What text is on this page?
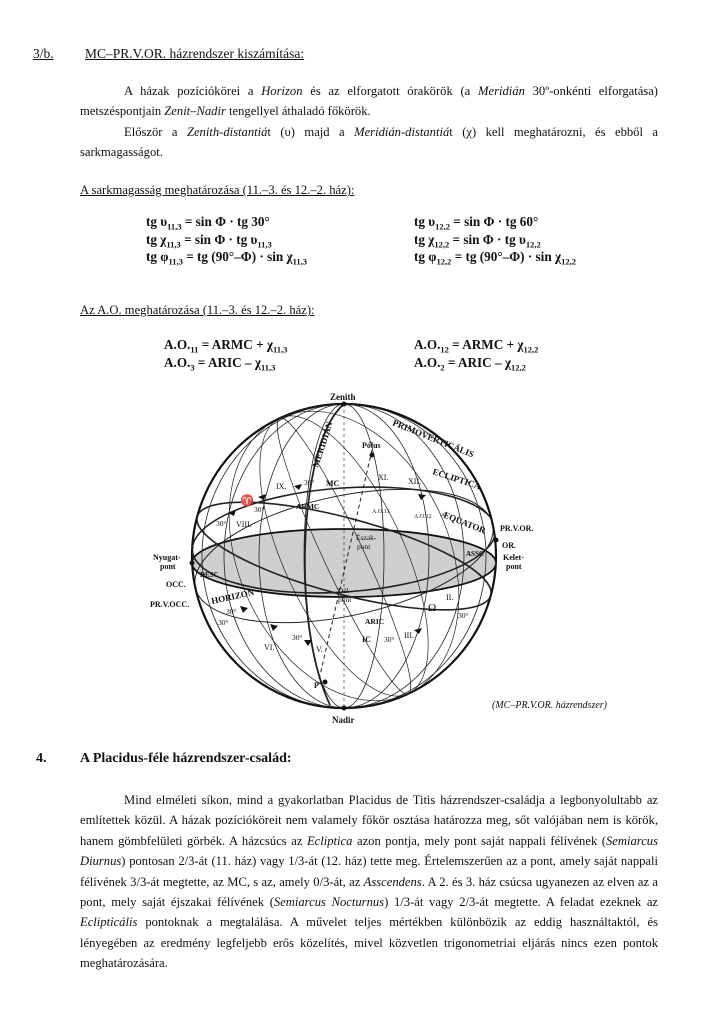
3/b. MC–PR.V.OR. házrendszer kiszámítása:
A házak pozíciókörei a Horizon és az elforgatott órakörök (a Meridián 30º-onkénti elforgatása) metszéspontjain Zenit–Nadir tengellyel áthaladó főkörök.
Először a Zenith-distantiát (υ) majd a Meridián-distantiát (χ) kell meghatározni, és ebből a sarkmagasságot.
A sarkmagasság meghatározása (11.–3. és 12.–2. ház):
tg $\upsilon_{11,3} = \sin \Phi$ · tg 30°
tg $\chi_{11,3} = \sin \Phi$ · tg $\upsilon_{11,3}$
tg $\varphi_{11,3}$ = tg $(90^\circ-\Phi) \cdot \sin \chi_{11,3}$
tg $\upsilon_{12,2} = \sin \Phi$ · tg 60°
tg $\chi_{12,2} = \sin \Phi$ · tg $\upsilon_{12,2}$
tg $\varphi_{12,2}$ = tg $(90^\circ-\Phi) \cdot \sin \chi_{12,2}$
Az A.O. meghatározása (11.–3. és 12.–2. ház):
$A.O._{11}$ = ARMC + $\chi_{11,3}$
$A.O._3$ = ARIC – $\chi_{11,3}$
$A.O._{12}$ = ARMC + $\chi_{12,2}$
$A.O._2$ = ARIC – $\chi_{12,2}$
Zenith
Nadir
Pólus
MERIDIÁN	PRIMOVERTICÁLIS
ECLIPTICA
ÆQUATOR
HORIZON
PR.V.OR.
OR.
Kelet-
pont
Nyugat-
pont
OCC.
PR.V.OCC.
Észak-
pont
Dél-
pont
MC
ARMC
ARIC
IC
ASSC
DESC
A.O.11
A.O.12
IX.
VIII.
XI. XII.
II.
III.
V.
VI.
30°
30°
30°
30°
30°
30°	30°
30°
♈
Ω
P'
(MC–PR.V.OR. házrendszer)
4. A Placidus-féle házrendszer-család:
Mind elméleti síkon, mind a gyakorlatban Placidus de Titis házrendszer-családja a legbonyolultabb az említettek közül. A házak pozícióköreit nem valamely főkör osztása határozza meg, sőt valójában nem is körök, hanem gömbfelületi görbék. A házcsúcs az Ecliptica azon pontja, mely pont saját nappali félívének (Semiarcus Diurnus) pontosan 2/3-át (11. ház) vagy 1/3-át (12. ház) tette meg. Értelemszerűen az a pont, amely saját nappali félívének 3/3-át megtette, az MC, s az, amely 0/3-át, az Asscendens. A 2. és 3. ház csúcsa ugyanezen az elven az a pont, mely saját éjszakai félívének (Semiarcus Nocturnus) 1/3-át vagy 2/3-át megtette. A feladat ezeknek az Eclipticális pontoknak a megtalálása. A művelet teljes mértékben különbözik az eddig használtaktól, és lényegében az eredmény legfeljebb erős közelítés, mivel közvetlen trigonometriai eljárás nincs ezen pontok meghatározására.
